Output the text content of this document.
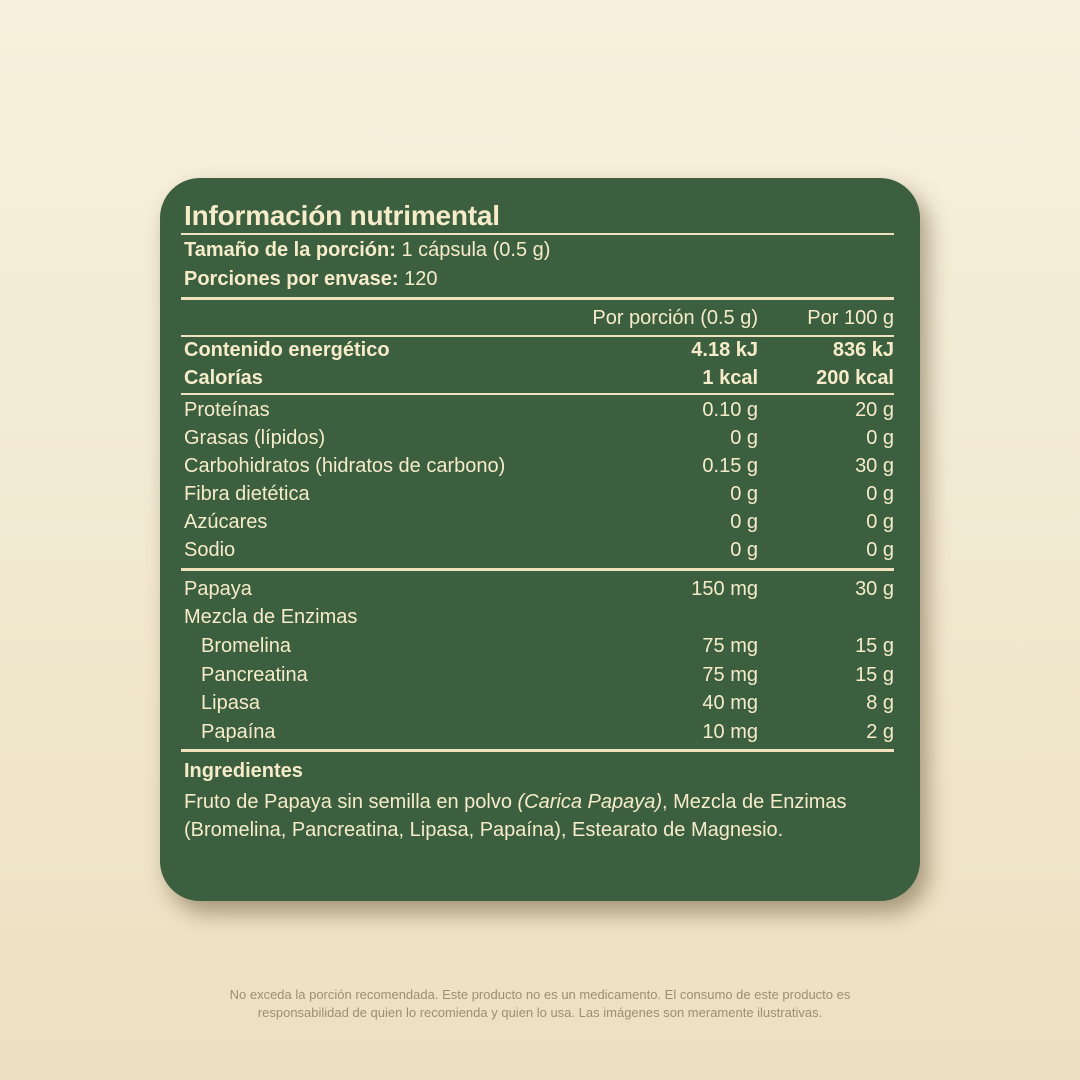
Información nutrimental
Tamaño de la porción: 1 cápsula (0.5 g)
Porciones por envase: 120
Por porción (0.5 g)	Por 100 g
Contenido energético	4.18 kJ	836 kJ
Calorías	1 kcal	200 kcal
Proteínas	0.10 g	20 g
Grasas (lípidos)	0 g	0 g
Carbohidratos (hidratos de carbono)	0.15 g	30 g
Fibra dietética	0 g	0 g
Azúcares	0 g	0 g
Sodio	0 g	0 g
Papaya	150 mg	30 g
Mezcla de Enzimas
Bromelina	75 mg	15 g
Pancreatina	75 mg	15 g
Lipasa	40 mg	8 g
Papaína	10 mg	2 g
Ingredientes
Fruto de Papaya sin semilla en polvo (Carica Papaya), Mezcla de Enzimas (Bromelina, Pancreatina, Lipasa, Papaína), Estearato de Magnesio.
No exceda la porción recomendada. Este producto no es un medicamento. El consumo de este producto es
responsabilidad de quien lo recomienda y quien lo usa. Las imágenes son meramente ilustrativas.
